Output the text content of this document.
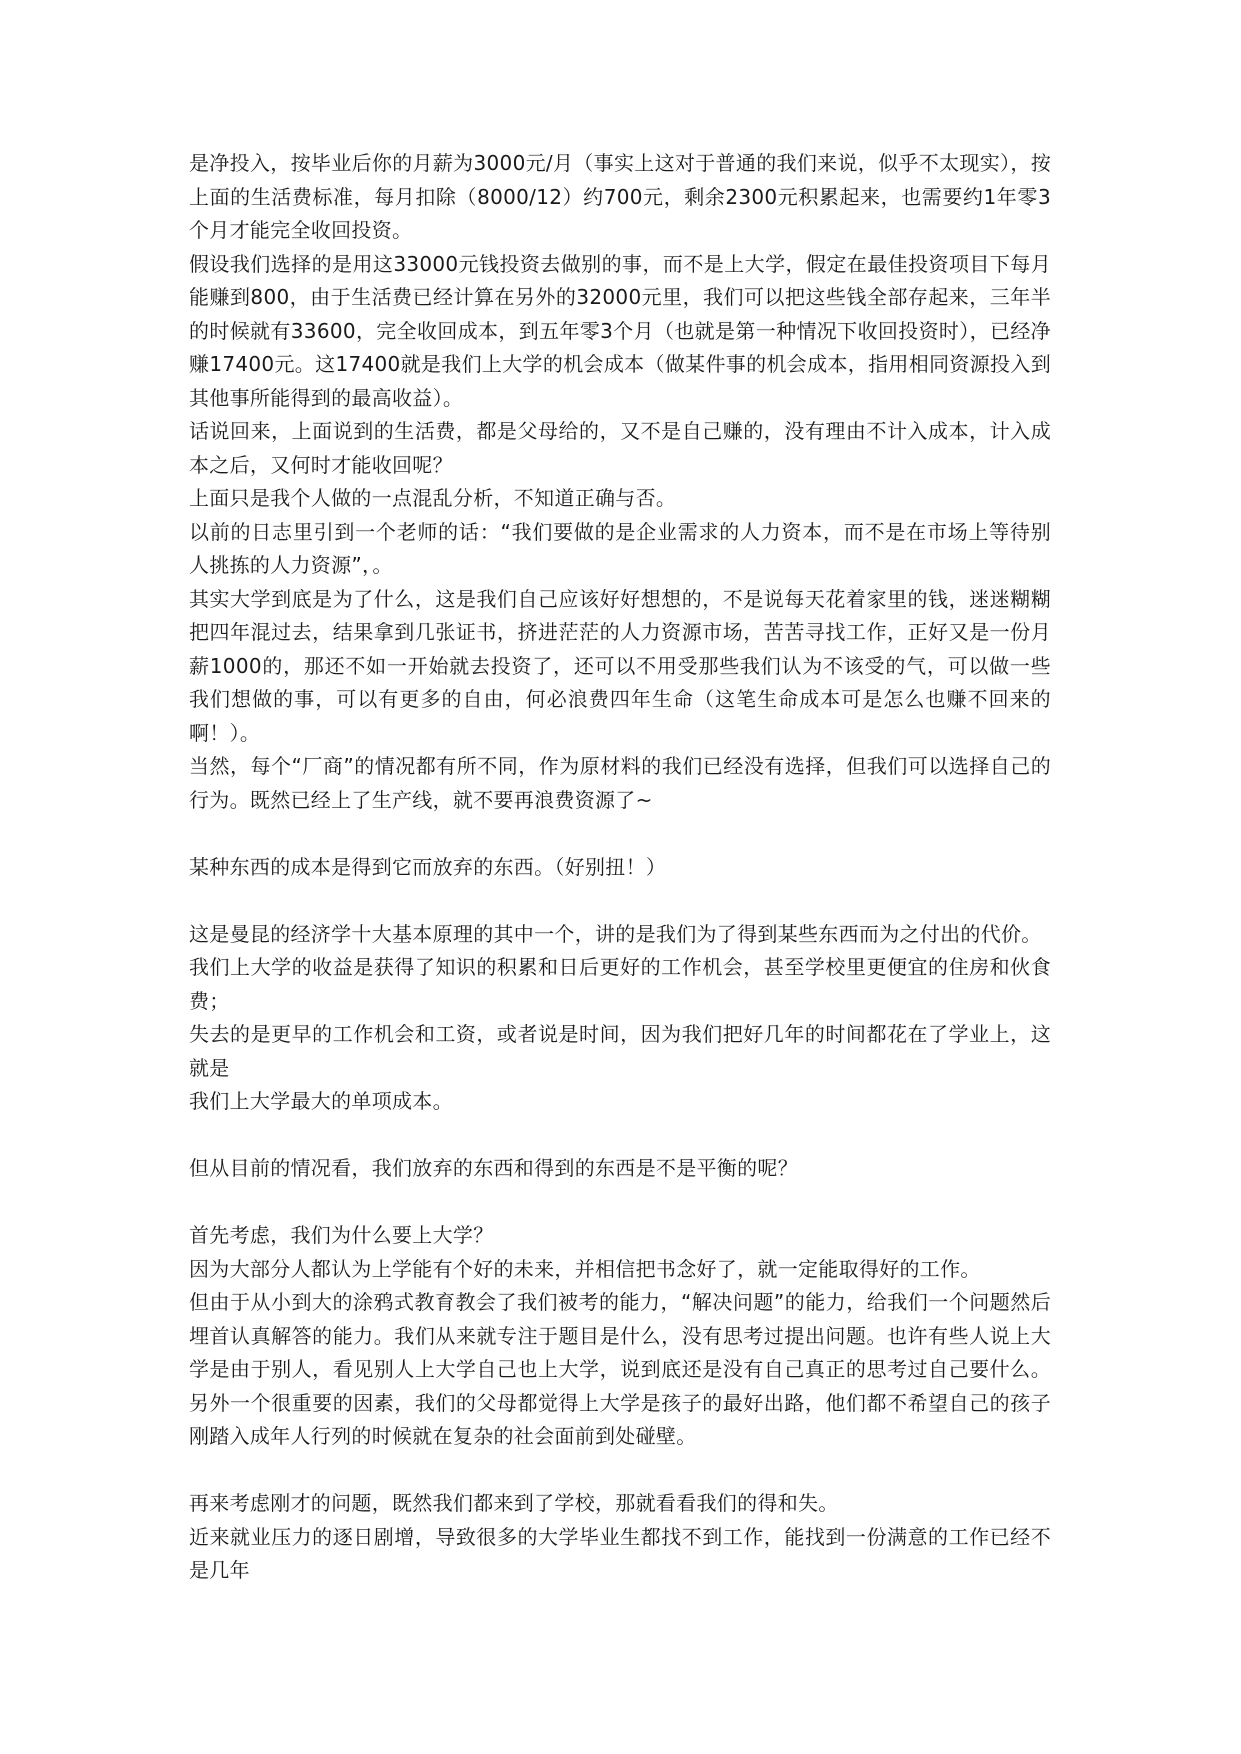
是净投入，按毕业后你的月薪为3000元/月（事实上这对于普通的我们来说，似乎不太现实），按上面的生活费标准，每月扣除（8000/12）约700元，剩余2300元积累起来，也需要约1年零3个月才能完全收回投资。

假设我们选择的是用这33000元钱投资去做别的事，而不是上大学，假定在最佳投资项目下每月能赚到800，由于生活费已经计算在另外的32000元里，我们可以把这些钱全部存起来，三年半的时候就有33600，完全收回成本，到五年零3个月（也就是第一种情况下收回投资时），已经净赚17400元。这17400就是我们上大学的机会成本（做某件事的机会成本，指用相同资源投入到其他事所能得到的最高收益）。

话说回来，上面说到的生活费，都是父母给的，又不是自己赚的，没有理由不计入成本，计入成本之后，又何时才能收回呢？

上面只是我个人做的一点混乱分析，不知道正确与否。

以前的日志里引到一个老师的话：“我们要做的是企业需求的人力资本，而不是在市场上等待别人挑拣的人力资源”，。

其实大学到底是为了什么，这是我们自己应该好好想想的，不是说每天花着家里的钱，迷迷糊糊把四年混过去，结果拿到几张证书，挤进茫茫的人力资源市场，苦苦寻找工作，正好又是一份月薪1000的，那还不如一开始就去投资了，还可以不用受那些我们认为不该受的气，可以做一些我们想做的事，可以有更多的自由，何必浪费四年生命（这笔生命成本可是怎么也赚不回来的啊！）。

当然，每个“厂商”的情况都有所不同，作为原材料的我们已经没有选择，但我们可以选择自己的行为。既然已经上了生产线，就不要再浪费资源了~

某种东西的成本是得到它而放弃的东西。（好别扭！）

这是曼昆的经济学十大基本原理的其中一个，讲的是我们为了得到某些东西而为之付出的代价。

我们上大学的收益是获得了知识的积累和日后更好的工作机会，甚至学校里更便宜的住房和伙食费；

失去的是更早的工作机会和工资，或者说是时间，因为我们把好几年的时间都花在了学业上，这就是

我们上大学最大的单项成本。

但从目前的情况看，我们放弃的东西和得到的东西是不是平衡的呢？

首先考虑，我们为什么要上大学？

因为大部分人都认为上学能有个好的未来，并相信把书念好了，就一定能取得好的工作。

但由于从小到大的涂鸦式教育教会了我们被考的能力，“解决问题”的能力，给我们一个问题然后埋首认真解答的能力。我们从来就专注于题目是什么，没有思考过提出问题。也许有些人说上大学是由于别人，看见别人上大学自己也上大学，说到底还是没有自己真正的思考过自己要什么。另外一个很重要的因素，我们的父母都觉得上大学是孩子的最好出路，他们都不希望自己的孩子刚踏入成年人行列的时候就在复杂的社会面前到处碰壁。

再来考虑刚才的问题，既然我们都来到了学校，那就看看我们的得和失。

近来就业压力的逐日剧增，导致很多的大学毕业生都找不到工作，能找到一份满意的工作已经不是几年
